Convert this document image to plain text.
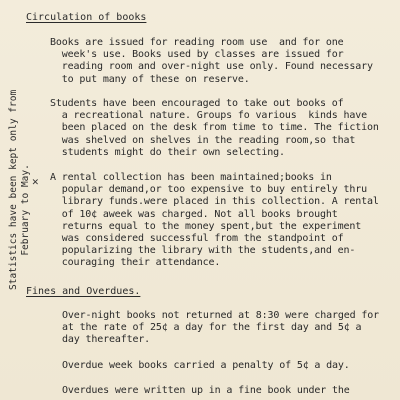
Circulation of books
Books are issued for reading room use  and for one
week's use. Books used by classes are issued for
reading room and over-night use only. Found necessary
to put many of these on reserve.
Students have been encouraged to take out books of
a recreational nature. Groups fo various  kinds have
been placed on the desk from time to time. The fiction
was shelved on shelves in the reading room,so that
students might do their own selecting.
✕ A rental collection has been maintained;books in
popular demand,or too expensive to buy entirely thru
library funds.were placed in this collection. A rental
of 10¢ aweek was charged. Not all books brought
returns equal to the money spent,but the experiment
was considered successful from the standpoint of
popularizing the library with the students,and en-
couraging their attendance.
Fines and Overdues.
Over-night books not returned at 8:30 were charged for
at the rate of 25¢ a day for the first day and 5¢ a
day thereafter.
Overdue week books carried a penalty of 5¢ a day.
Overdues were written up in a fine book under the
Statistics have been kept only from
February to May.
